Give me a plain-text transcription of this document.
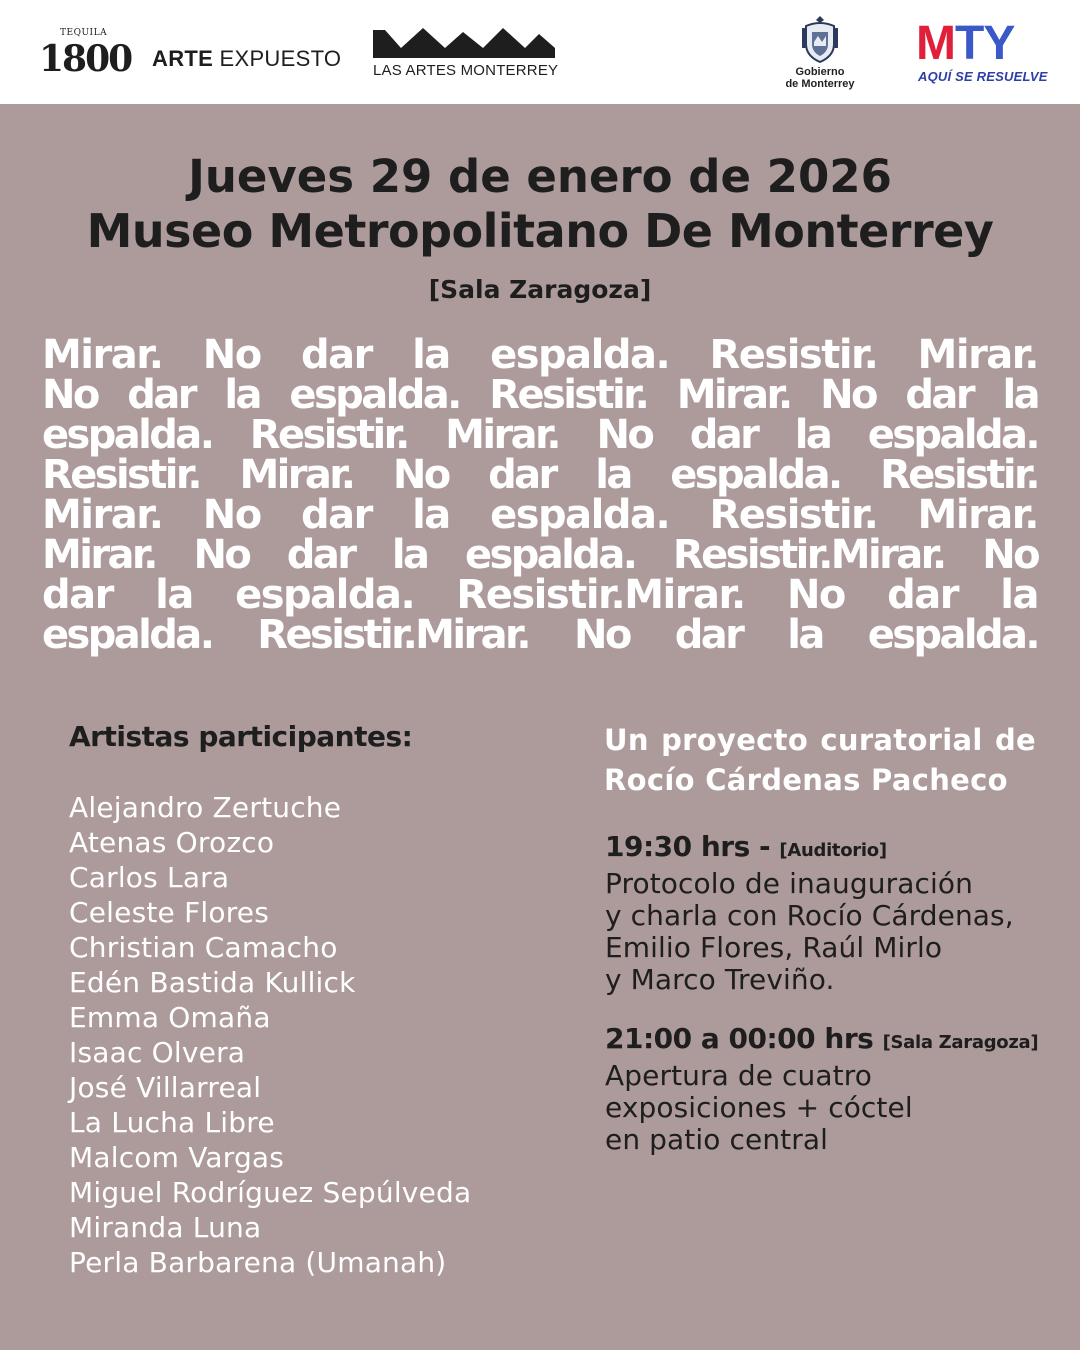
TEQUILA
1800 ARTE EXPUESTO LAS ARTES MONTERREY	Gobierno
de Monterrey
MTY
AQUÍ SE RESUELVE
Jueves 29 de enero de 2026
Museo Metropolitano De Monterrey
[Sala Zaragoza]
Mirar. No dar la espalda. Resistir. Mirar.
No dar la espalda. Resistir. Mirar. No dar la
espalda. Resistir. Mirar. No dar la espalda.
Resistir. Mirar. No dar la espalda. Resistir.
Mirar. No dar la espalda. Resistir. Mirar.
Mirar. No dar la espalda. Resistir.Mirar. No
dar la espalda. Resistir.Mirar. No dar la
espalda. Resistir.Mirar. No dar la espalda.
Artistas participantes:
Alejandro Zertuche
Atenas Orozco
Carlos Lara
Celeste Flores
Christian Camacho
Edén Bastida Kullick
Emma Omaña
Isaac Olvera
José Villarreal
La Lucha Libre
Malcom Vargas
Miguel Rodríguez Sepúlveda
Miranda Luna
Perla Barbarena (Umanah)
Un proyecto curatorial de
Rocío Cárdenas Pacheco
19:30 hrs - [Auditorio]
Protocolo de inauguración
y charla con Rocío Cárdenas,
Emilio Flores, Raúl Mirlo
y Marco Treviño.
21:00 a 00:00 hrs [Sala Zaragoza]
Apertura de cuatro
exposiciones + cóctel
en patio central
